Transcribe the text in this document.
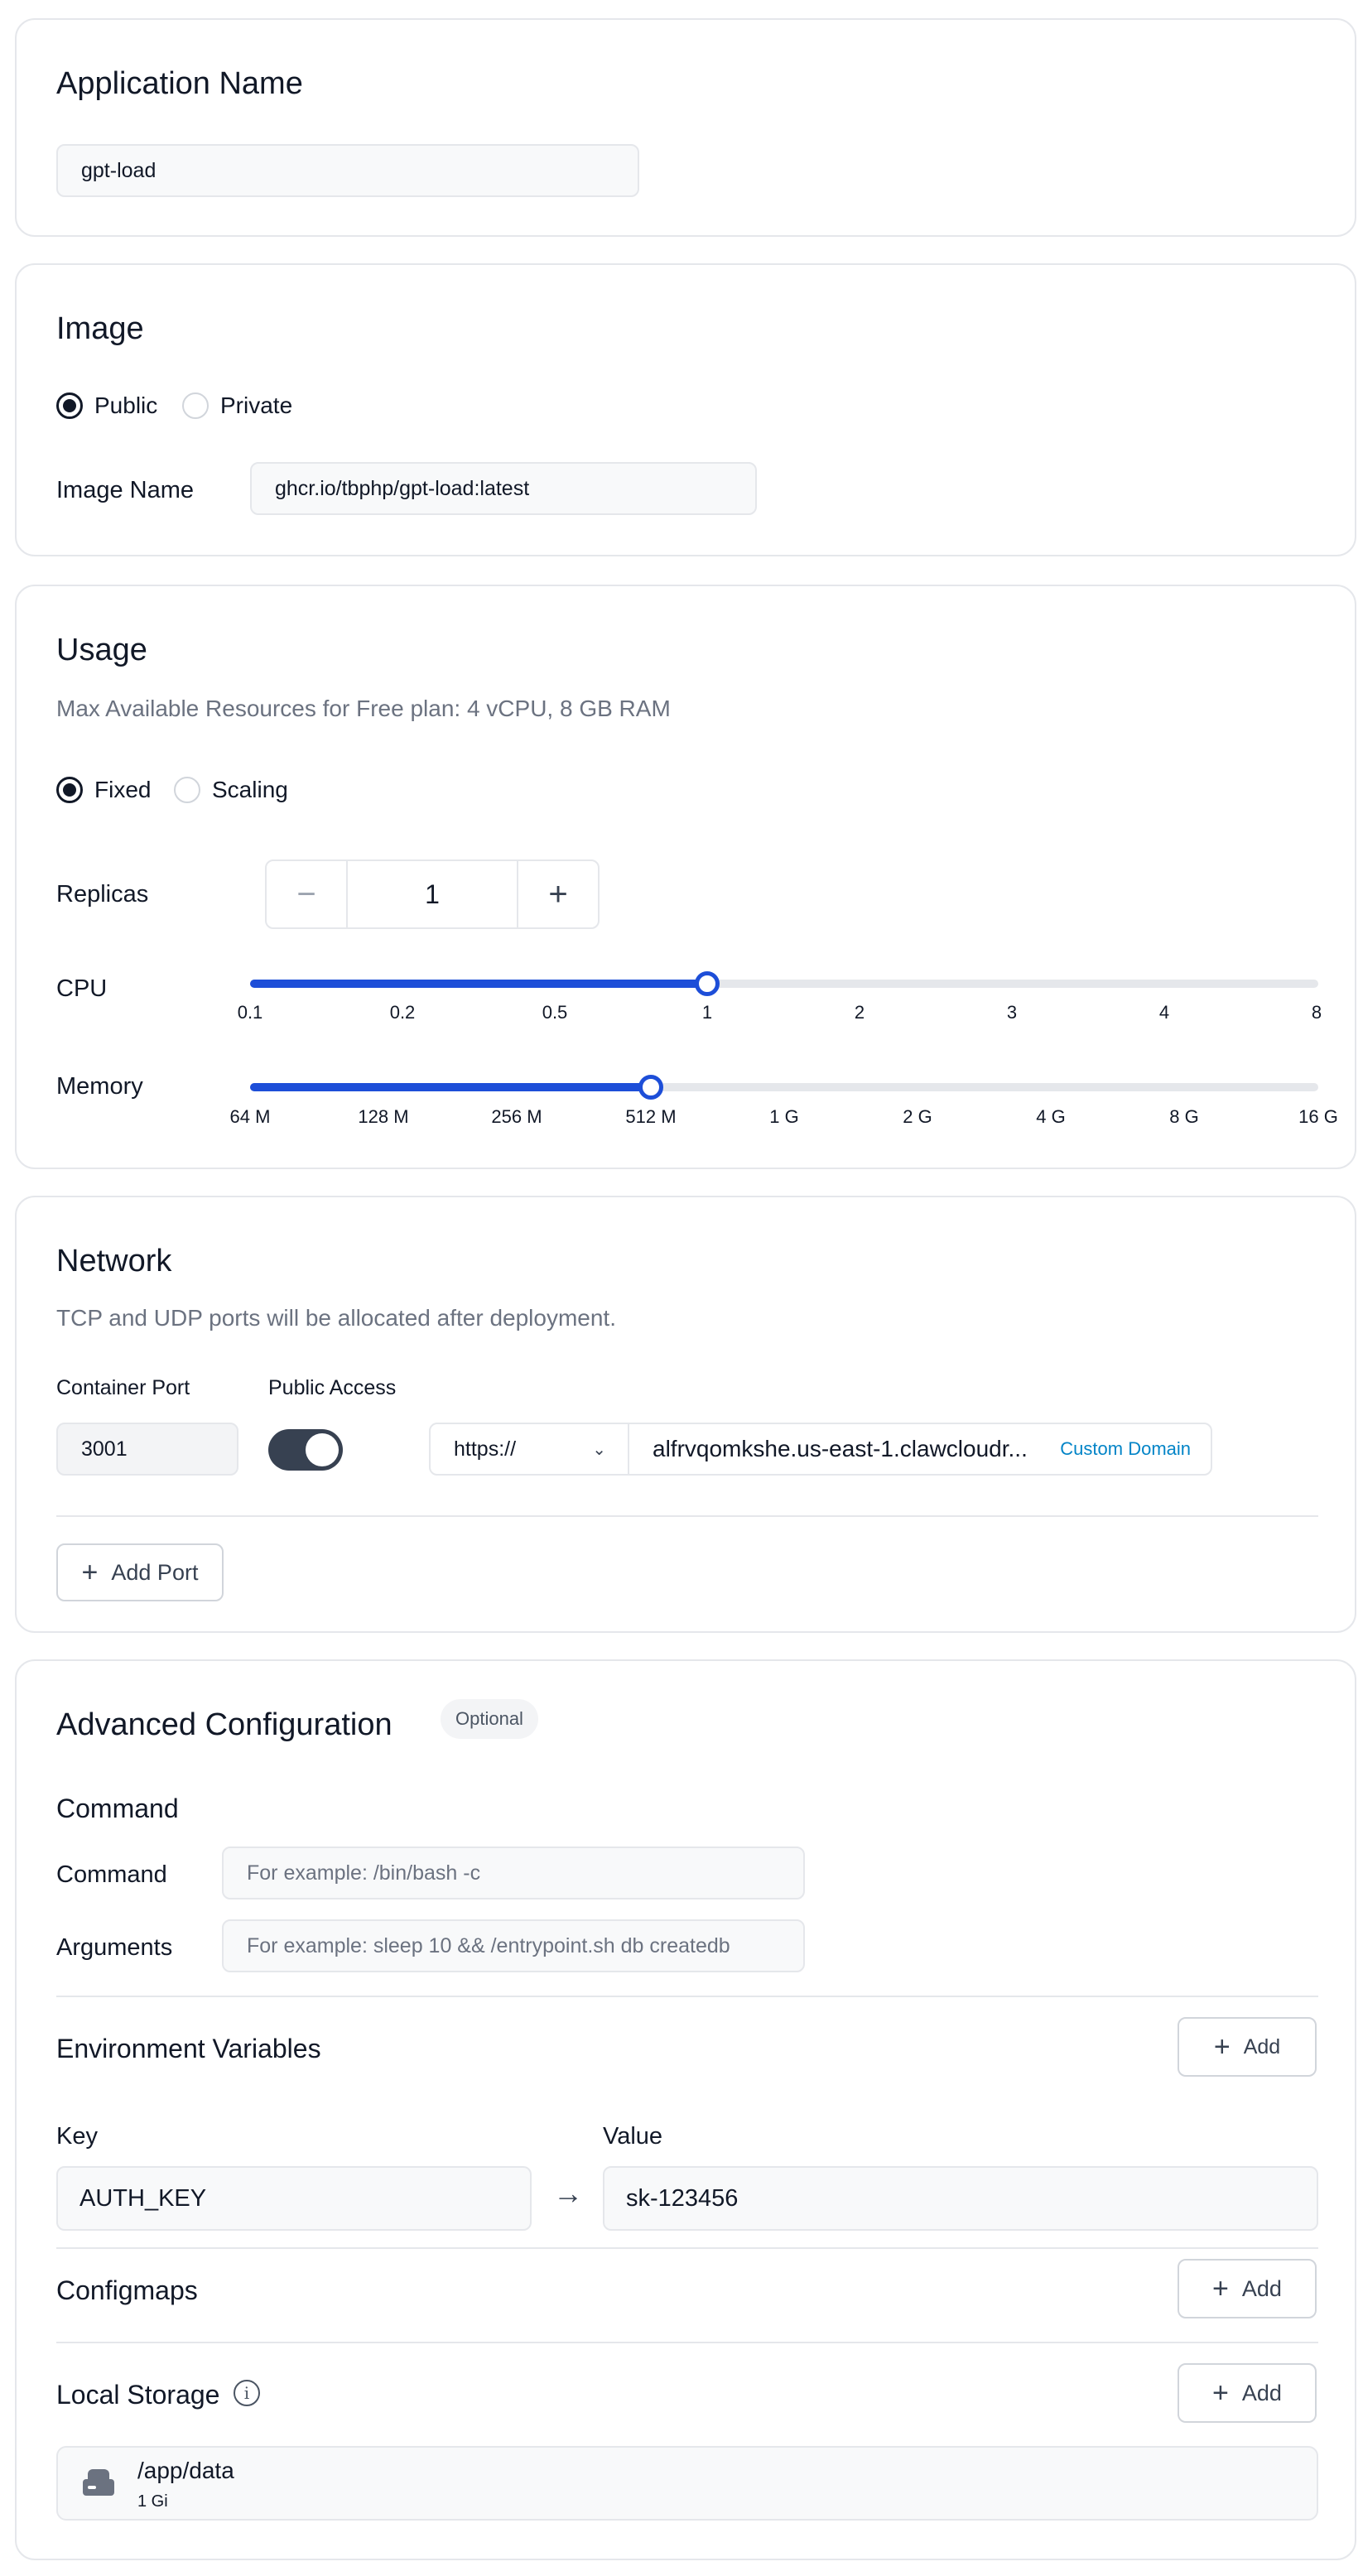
Application Name
gpt-load
Image
Public	Private
Image Name	ghcr.io/tbphp/gpt-load:latest
Usage
Max Available Resources for Free plan: 4 vCPU, 8 GB RAM
Fixed	Scaling
Replicas	−	1	+
CPU
0.1	0.2	0.5	1	2	3	4	8
Memory
64 M	128 M	256 M	512 M	1 G	2 G	4 G	8 G	16 G
Network
TCP and UDP ports will be allocated after deployment.
Container Port	Public Access
3001	https://	⌄ alfrvqomkshe.us-east-1.clawcloudr... Custom Domain
+ Add Port
Advanced Configuration	Optional
Command
Command	For example: /bin/bash -c
Arguments	For example: sleep 10 && /entrypoint.sh db createdb
Environment Variables	+ Add
Key	Value
AUTH_KEY	→	sk-123456
Configmaps	+ Add
Local Storage	i	+ Add
/app/data
1 Gi
